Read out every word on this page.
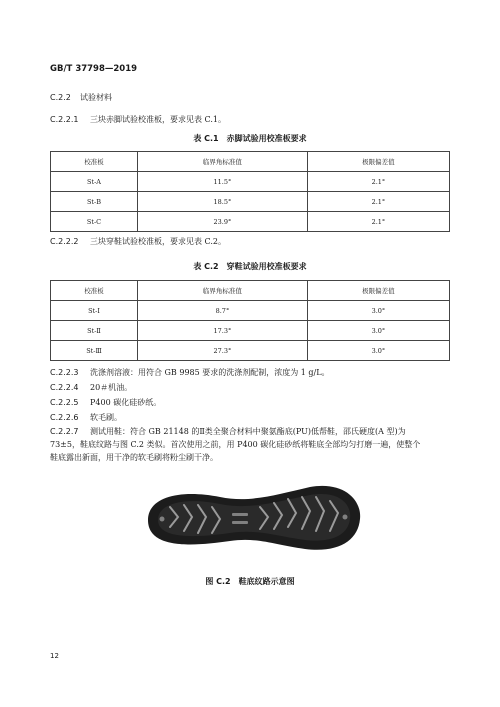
GB/T 37798—2019
C.2.2 试验材料
C.2.2.1 三块赤脚试验校准板，要求见表 C.1。
表 C.1　赤脚试验用校准板要求
校准板	临界角标准值	极限偏差值
St-A	11.5°	2.1°
St-B	18.5°	2.1°
St-C	23.9°	2.1°
C.2.2.2 三块穿鞋试验校准板，要求见表 C.2。
表 C.2　穿鞋试验用校准板要求
校准板	临界角标准值	极限偏差值
St-Ⅰ	8.7°	3.0°
St-Ⅱ	17.3°	3.0°
St-Ⅲ	27.3°	3.0°
C.2.2.3 洗涤剂溶液：用符合 GB 9985 要求的洗涤剂配制，浓度为 1 g/L。
C.2.2.4 20＃机油。
C.2.2.5 P400 碳化硅砂纸。
C.2.2.6 软毛刷。
C.2.2.7 测试用鞋：符合 GB 21148 的Ⅱ类全聚合材料中聚氨酯底(PU)低帮鞋，邵氏硬度(A 型)为
73±5，鞋底纹路与图 C.2 类似。首次使用之前，用 P400 碳化硅砂纸将鞋底全部均匀打磨一遍，使整个
鞋底露出新面，用干净的软毛刷将粉尘刷干净。
图 C.2　鞋底纹路示意图
12
